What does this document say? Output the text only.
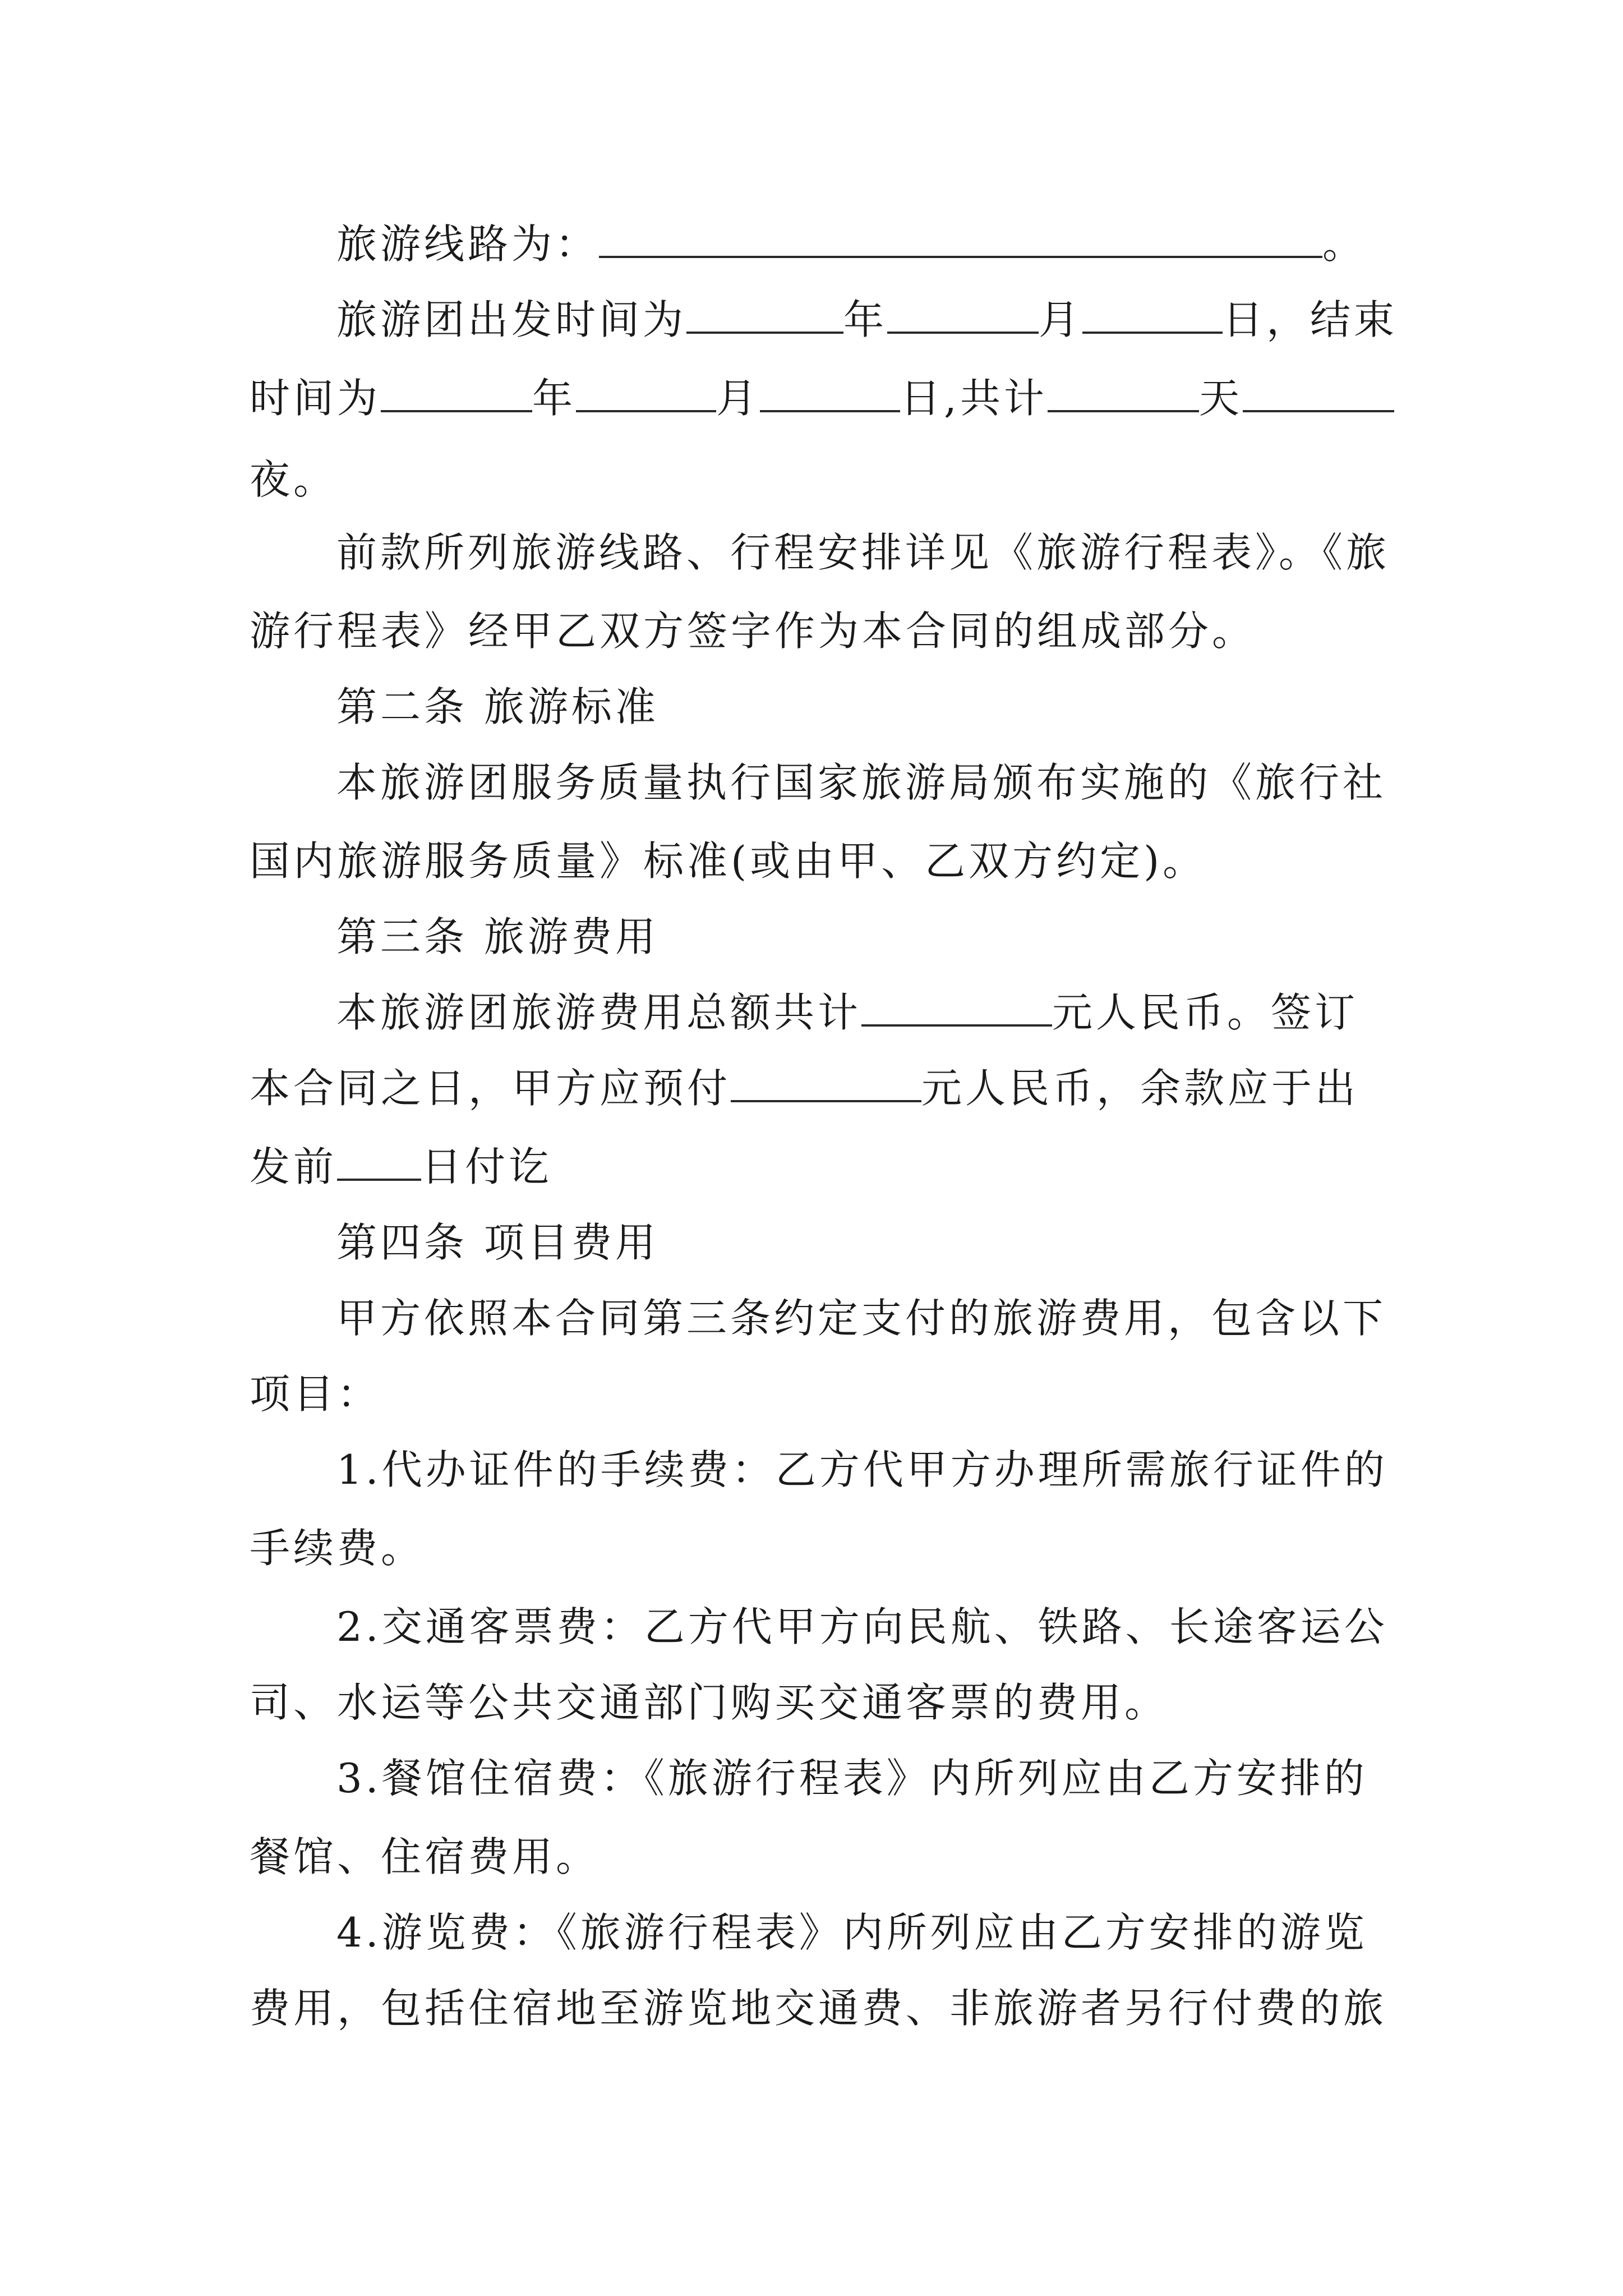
旅游线路为：	。
旅游团出发时间为	年	月	日，结束
时间为	年	月	日,共计	天
夜。
前款所列旅游线路、行程安排详见《旅游行程表》。《旅
游行程表》经甲乙双方签字作为本合同的组成部分。
第二条 旅游标准
本旅游团服务质量执行国家旅游局颁布实施的《旅行社
国内旅游服务质量》标准(或由甲、乙双方约定)。
第三条 旅游费用
本旅游团旅游费用总额共计	元人民币。签订
本合同之日，甲方应预付	元人民币，余款应于出
发前 日付讫
第四条 项目费用
甲方依照本合同第三条约定支付的旅游费用，包含以下
项目：
1.代办证件的手续费：乙方代甲方办理所需旅行证件的
手续费。
2.交通客票费：乙方代甲方向民航、铁路、长途客运公
司、水运等公共交通部门购买交通客票的费用。
3.餐馆住宿费：《旅游行程表》内所列应由乙方安排的
餐馆、住宿费用。
4.游览费：《旅游行程表》内所列应由乙方安排的游览
费用，包括住宿地至游览地交通费、非旅游者另行付费的旅
